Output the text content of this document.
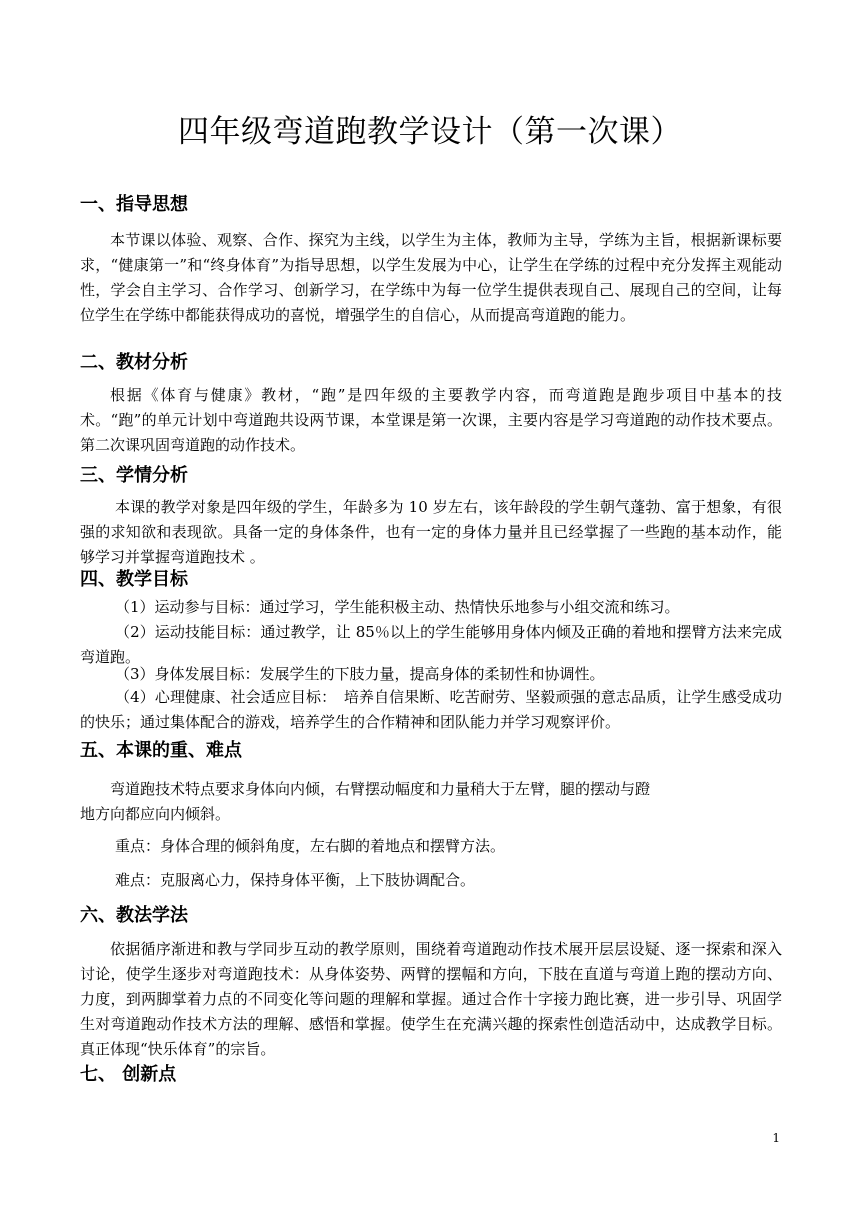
四年级弯道跑教学设计（第一次课）
一、指导思想
本节课以体验、观察、合作、探究为主线，以学生为主体，教师为主导，学练为主旨，根据新课标要求，“健康第一”和“终身体育”为指导思想，以学生发展为中心，让学生在学练的过程中充分发挥主观能动性，学会自主学习、合作学习、创新学习，在学练中为每一位学生提供表现自己、展现自己的空间，让每位学生在学练中都能获得成功的喜悦，增强学生的自信心，从而提高弯道跑的能力。
二、教材分析
根据《体育与健康》教材，“跑”是四年级的主要教学内容，而弯道跑是跑步项目中基本的技术。“跑”的单元计划中弯道跑共设两节课，本堂课是第一次课，主要内容是学习弯道跑的动作技术要点。第二次课巩固弯道跑的动作技术。
三、学情分析
本课的教学对象是四年级的学生，年龄多为 10 岁左右，该年龄段的学生朝气蓬勃、富于想象，有很强的求知欲和表现欲。具备一定的身体条件，也有一定的身体力量并且已经掌握了一些跑的基本动作，能够学习并掌握弯道跑技术 。
四、教学目标
（1）运动参与目标：通过学习，学生能积极主动、热情快乐地参与小组交流和练习。
（2）运动技能目标：通过教学，让 85％以上的学生能够用身体内倾及正确的着地和摆臂方法来完成弯道跑。
（3）身体发展目标：发展学生的下肢力量，提高身体的柔韧性和协调性。
（4）心理健康、社会适应目标：　培养自信果断、吃苦耐劳、坚毅顽强的意志品质，让学生感受成功的快乐；通过集体配合的游戏，培养学生的合作精神和团队能力并学习观察评价。
五、本课的重、难点
弯道跑技术特点要求身体向内倾，右臂摆动幅度和力量稍大于左臂，腿的摆动与蹬
地方向都应向内倾斜。
重点：身体合理的倾斜角度，左右脚的着地点和摆臂方法。
难点：克服离心力，保持身体平衡，上下肢协调配合。
六、教法学法
依据循序渐进和教与学同步互动的教学原则，围绕着弯道跑动作技术展开层层设疑、逐一探索和深入讨论，使学生逐步对弯道跑技术：从身体姿势、两臂的摆幅和方向，下肢在直道与弯道上跑的摆动方向、力度，到两脚掌着力点的不同变化等问题的理解和掌握。通过合作十字接力跑比赛，进一步引导、巩固学生对弯道跑动作技术方法的理解、感悟和掌握。使学生在充满兴趣的探索性创造活动中，达成教学目标。真正体现“快乐体育”的宗旨。
七、 创新点
1
